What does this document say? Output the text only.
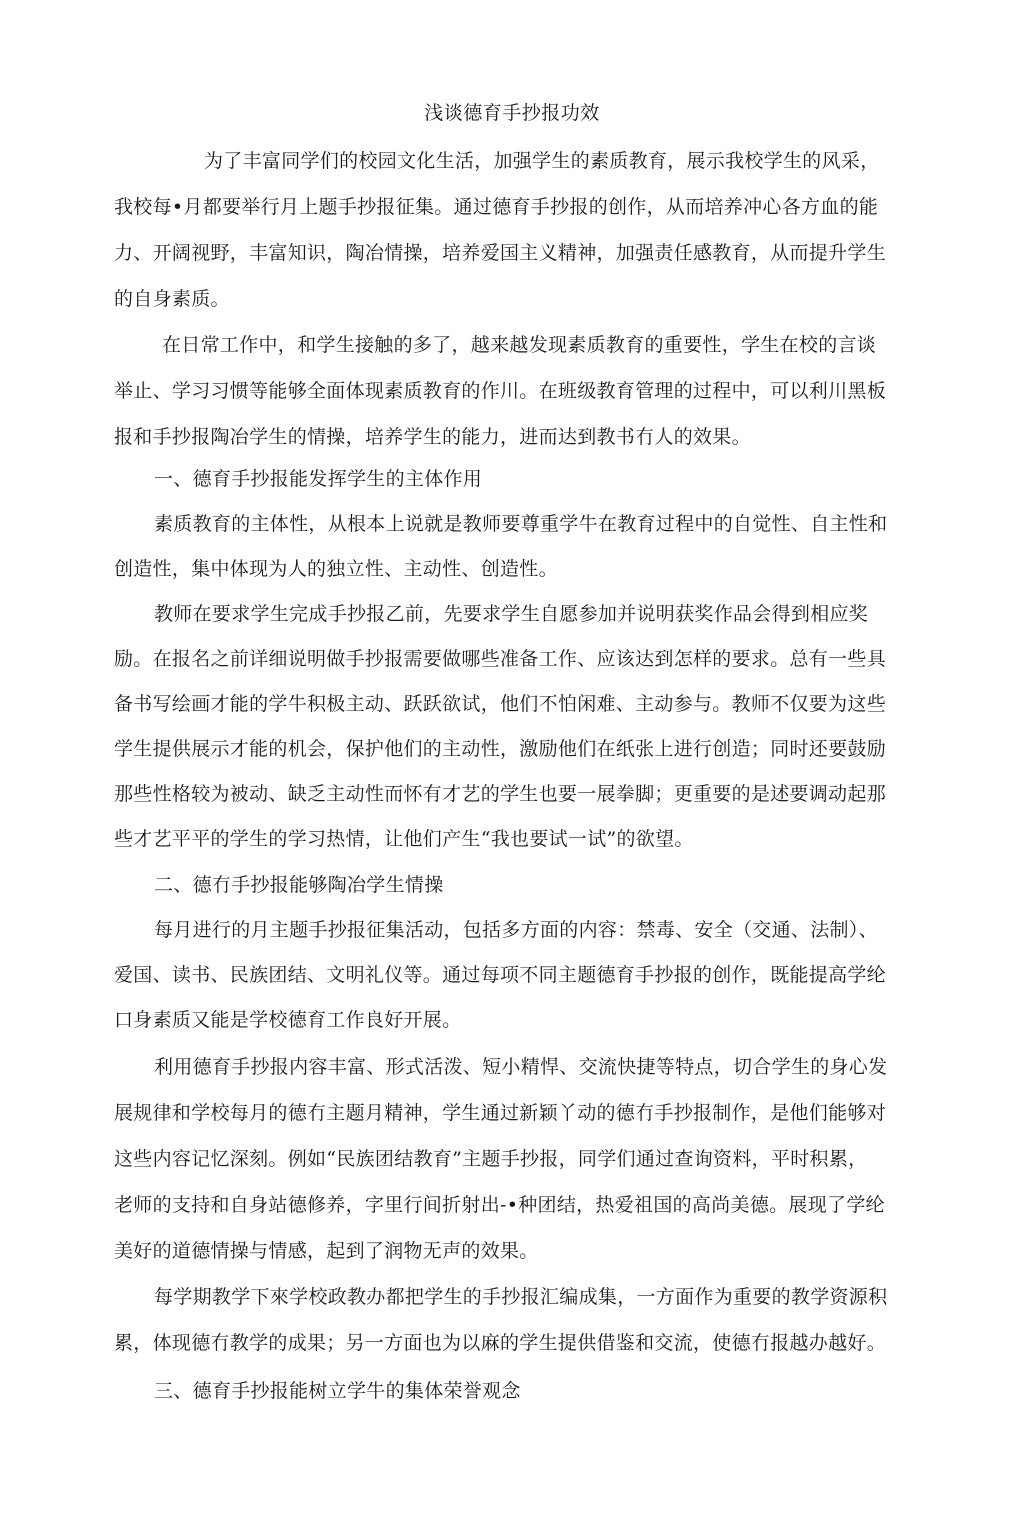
浅谈德育手抄报功效
为了丰富同学们的校园文化生活，加强学生的素质教育，展示我校学生的风采，
我校每•月都要举行月上题手抄报征集。通过德育手抄报的创作，从而培养冲心各方血的能
力、开阔视野，丰富知识，陶冶情操，培养爱国主义精神，加强责任感教育，从而提升学生
的自身素质。
在日常工作中，和学生接触的多了，越来越发现素质教育的重要性，学生在校的言谈
举止、学习习惯等能够全面体现素质教育的作川。在班级教育管理的过程中，可以利川黑板
报和手抄报陶冶学生的情操，培养学生的能力，进而达到教书冇人的效果。
一、德育手抄报能发挥学生的主体作用
素质教育的主体性，从根本上说就是教师要尊重学牛在教育过程中的自觉性、自主性和
创造性，集中体现为人的独立性、主动性、创造性。
教师在要求学生完成手抄报乙前，先要求学生自愿参加并说明获奖作品会得到相应奖
励。在报名之前详细说明做手抄报需要做哪些准备工作、应该达到怎样的要求。总有一些具
备书写绘画才能的学牛积极主动、跃跃欲试，他们不怕闲难、主动参与。教师不仅要为这些
学生提供展示才能的机会，保护他们的主动性，激励他们在纸张上进行创造；同时还要鼓励
那些性格较为被动、缺乏主动性而怀有才艺的学生也要一展拳脚；更重要的是述要调动起那
些才艺平平的学生的学习热情，让他们产生“我也要试一试”的欲望。
二、德冇手抄报能够陶冶学生情操
每月进行的月主题手抄报征集活动，包括多方面的内容：禁毒、安全（交通、法制）、
爱国、读书、民族团结、文明礼仪等。通过每项不同主题德育手抄报的创作，既能提高学纶
口身素质又能是学校德育工作良好开展。
利用德育手抄报内容丰富、形式活泼、短小精悍、交流快捷等特点，切合学生的身心发
展规律和学校每月的德冇主题月精神，学生通过新颖丫动的德冇手抄报制作，是他们能够对
这些内容记忆深刻。例如“民族团结教育”主题手抄报，同学们通过查询资料，平时积累，
老师的支持和自身站德修养，字里行间折射出-•种团结，热爱祖国的高尚美德。展现了学纶
美好的道德情操与情感，起到了润物无声的效果。
每学期教学下來学校政教办都把学生的手抄报汇编成集，一方面作为重要的教学资源积
累，体现德冇教学的成果；另一方面也为以麻的学生提供借鉴和交流，使德冇报越办越好。
三、德育手抄报能树立学牛的集体荣誉观念
